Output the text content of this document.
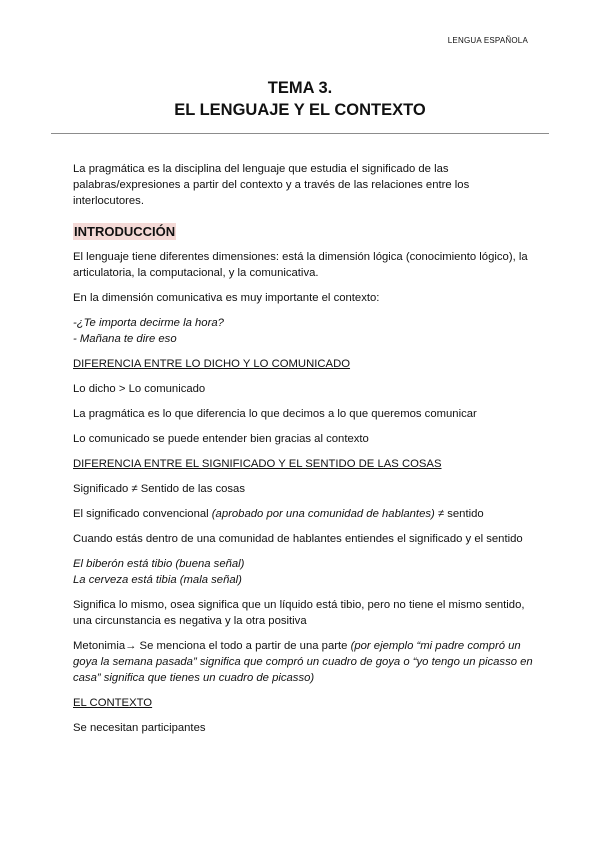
LENGUA ESPAÑOLA
TEMA 3.
EL LENGUAJE Y EL CONTEXTO

La pragmática es la disciplina del lenguaje que estudia el significado de las palabras/expresiones a partir del contexto y a través de las relaciones entre los interlocutores.

INTRODUCCIÓN

El lenguaje tiene diferentes dimensiones: está la dimensión lógica (conocimiento lógico), la articulatoria, la computacional, y la comunicativa.

En la dimensión comunicativa es muy importante el contexto:

-¿Te importa decirme la hora?
- Mañana te dire eso

DIFERENCIA ENTRE LO DICHO Y LO COMUNICADO

Lo dicho > Lo comunicado

La pragmática es lo que diferencia lo que decimos a lo que queremos comunicar

Lo comunicado se puede entender bien gracias al contexto

DIFERENCIA ENTRE EL SIGNIFICADO Y EL SENTIDO DE LAS COSAS

Significado ≠ Sentido de las cosas

El significado convencional (aprobado por una comunidad de hablantes) ≠ sentido

Cuando estás dentro de una comunidad de hablantes entiendes el significado y el sentido

El biberón está tibio (buena señal)
La cerveza está tibia (mala señal)

Significa lo mismo, osea significa que un líquido está tibio, pero no tiene el mismo sentido, una circunstancia es negativa y la otra positiva

Metonimia→ Se menciona el todo a partir de una parte (por ejemplo “mi padre compró un goya la semana pasada” significa que compró un cuadro de goya o “yo tengo un picasso en casa” significa que tienes un cuadro de picasso)

EL CONTEXTO

Se necesitan participantes
